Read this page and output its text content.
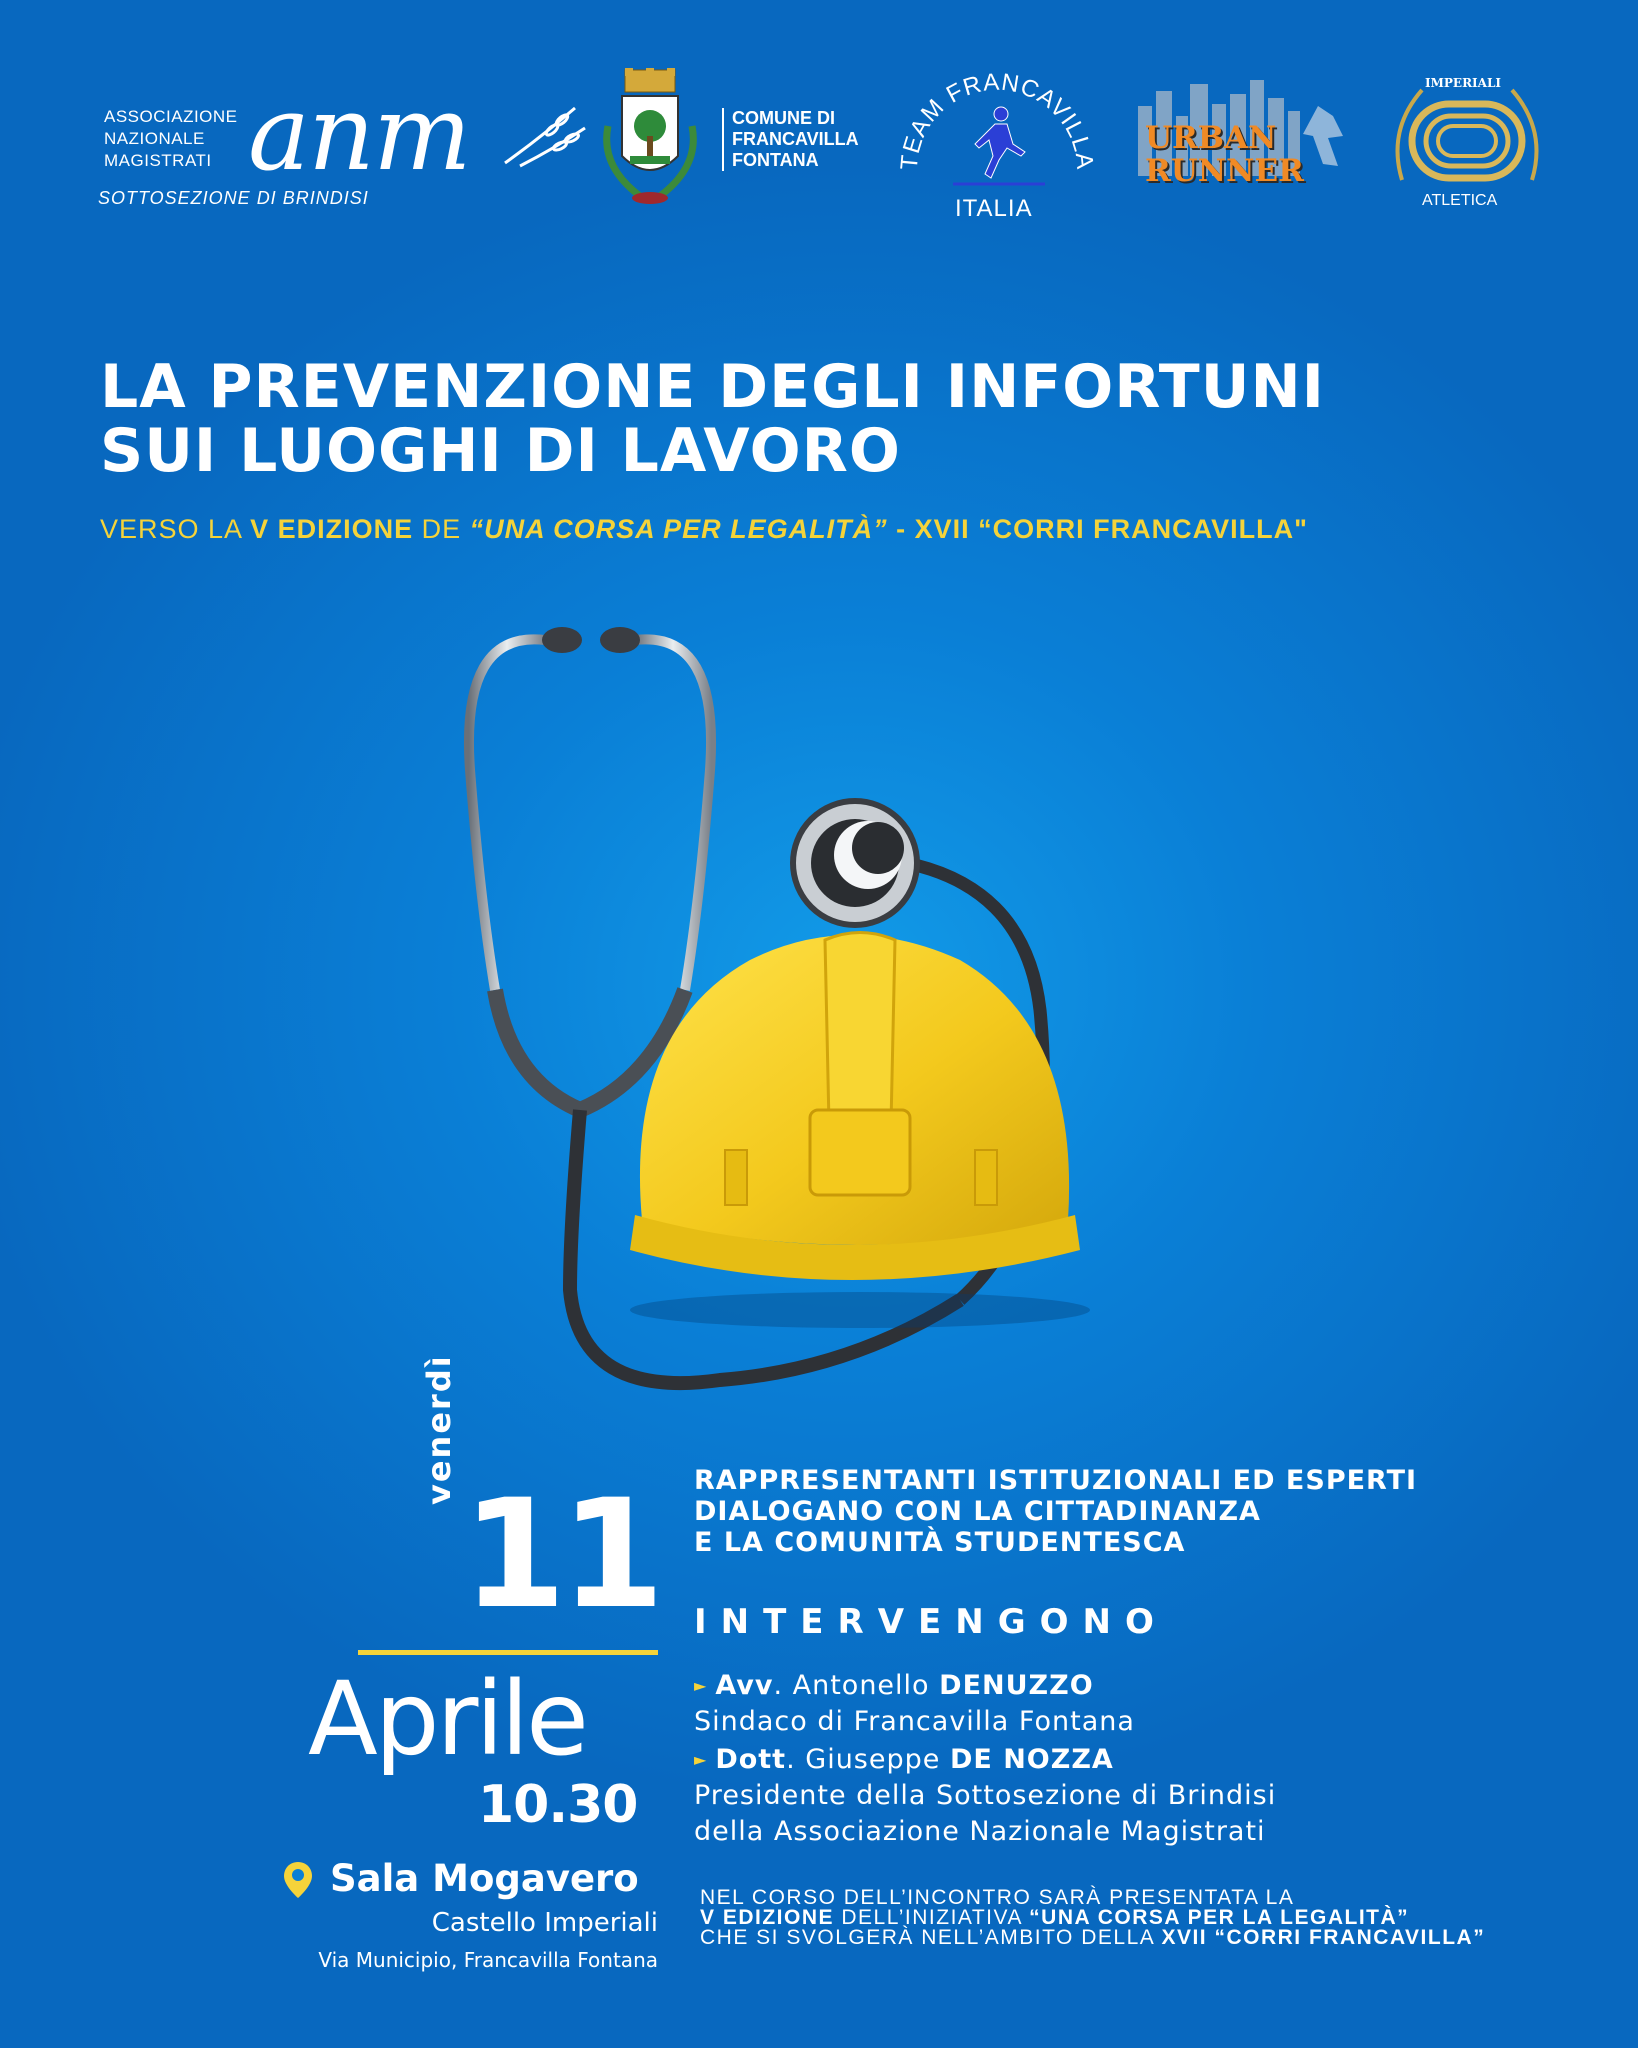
ASSOCIAZIONE
NAZIONALE
MAGISTRATI anm
SOTTOSEZIONE DI BRINDISI
COMUNE DI
FRANCAVILLA
FONTANA	TEAM FRANCAVILLA
ITALIA
URBAN
RUNNER
IMPERIALI
ATLETICA
LA PREVENZIONE DEGLI INFORTUNI
SUI LUOGHI DI LAVORO
VERSO LA V EDIZIONE DE “UNA CORSA PER LEGALITÀ” - XVII “CORRI FRANCAVILLA"
venerdì
11
Aprile
10.30
Sala Mogavero
Castello Imperiali
Via Municipio, Francavilla Fontana
RAPPRESENTANTI ISTITUZIONALI ED ESPERTI
DIALOGANO CON LA CITTADINANZA
E LA COMUNITÀ STUDENTESCA
INTERVENGONO
► Avv. Antonello DENUZZO
Sindaco di Francavilla Fontana
► Dott. Giuseppe DE NOZZA
Presidente della Sottosezione di Brindisi
della Associazione Nazionale Magistrati
NEL CORSO DELL’INCONTRO SARÀ PRESENTATA LA
V EDIZIONE DELL’INIZIATIVA “UNA CORSA PER LA LEGALITÀ”
CHE SI SVOLGERÀ NELL’AMBITO DELLA XVII “CORRI FRANCAVILLA”
